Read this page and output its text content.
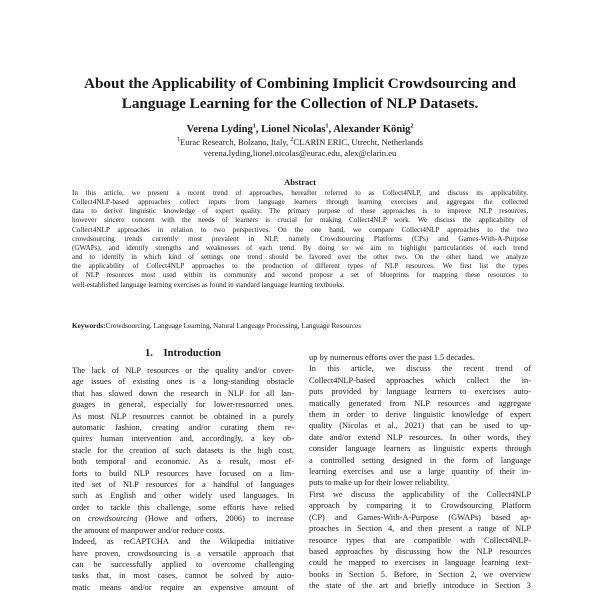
About the Applicability of Combining Implicit Crowdsourcing and
Language Learning for the Collection of NLP Datasets.
Verena Lyding$^1$, Lionel Nicolas$^1$, Alexander König$^2$
$^1$Eurac Research, Bolzano, Italy, $^2$CLARIN ERIC, Utrecht, Netherlands
verena.lyding,lionel.nicolas@eurac.edu, alex@clarin.eu
Abstract
In this article, we present a recent trend of approaches, hereafter referred to as Collect4NLP, and discuss its applicability.
Collect4NLP-based approaches collect inputs from language learners through learning exercises and aggregate the collected
data to derive linguistic knowledge of expert quality. The primary purpose of these approaches is to improve NLP resources,
however sincere concern with the needs of learners is crucial for making Collect4NLP work. We discuss the applicability of
Collect4NLP approaches in relation to two perspectives. On the one hand, we compare Collect4NLP approaches to the two
crowdsourcing trends currently most prevalent in NLP, namely Crowdsourcing Platforms (CPs) and Games-With-A-Purpose
(GWAPs), and identify strengths and weaknesses of each trend. By doing so we aim to highlight particularities of each trend
and to identify in which kind of settings one trend should be favored over the other two. On the other hand, we analyze
the applicability of Collect4NLP approaches to the production of different types of NLP resources. We first list the types
of NLP resources most used within its community and second propose a set of blueprints for mapping these resources to
well-established language learning exercises as found in standard language learning textbooks.
Keywords:Crowdsourcing, Language Learning, Natural Language Processing, Language Resources
1.    Introduction
The lack of NLP resources or the quality and/or cover-
age issues of existing ones is a long-standing obstacle
that has slowed down the research in NLP for all lan-
guages in general, especially for lower-resourced ones.
As most NLP resources cannot be obtained in a purely
automatic fashion, creating and/or curating them re-
quires human intervention and, accordingly, a key ob-
stacle for the creation of such datasets is the high cost,
both temporal and economic. As a result, most ef-
forts to build NLP resources have focused on a lim-
ited set of NLP resources for a handful of languages
such as English and other widely used languages. In
order to tackle this challenge, some efforts have relied
on crowdsourcing (Howe and others, 2006) to increase
the amount of manpower and/or reduce costs.
Indeed, as reCAPTCHA and the Wikipedia initiative
have proven, crowdsourcing is a versatile approach that
can be successfully applied to overcome challenging
tasks that, in most cases, cannot be solved by auto-
matic means and/or require an expensive amount of
up by numerous efforts over the past 1.5 decades.
In this article, we discuss the recent trend of
Collect4NLP-based approaches which collect the in-
puts provided by language learners to exercises auto-
matically generated from NLP resources and aggregate
them in order to derive linguistic knowledge of expert
quality (Nicolas et al., 2021) that can be used to up-
date and/or extend NLP resources. In other words, they
consider language learners as linguistic experts through
a controlled setting designed in the form of language
learning exercises and use a large quantity of their in-
puts to make up for their lower reliability.
First we discuss the applicability of the Collect4NLP
approach by comparing it to Crowdsourcing Platform
(CP) and Games-With-A-Purpose (GWAPs) based ap-
proaches in Section 4, and then present a range of NLP
resource types that are compatible with Collect4NLP-
based approaches by discussing how the NLP resources
could be mapped to exercises in language learning text-
books in Section 5. Before, in Section 2, we overview
the state of the art and briefly introduce in Section 3
